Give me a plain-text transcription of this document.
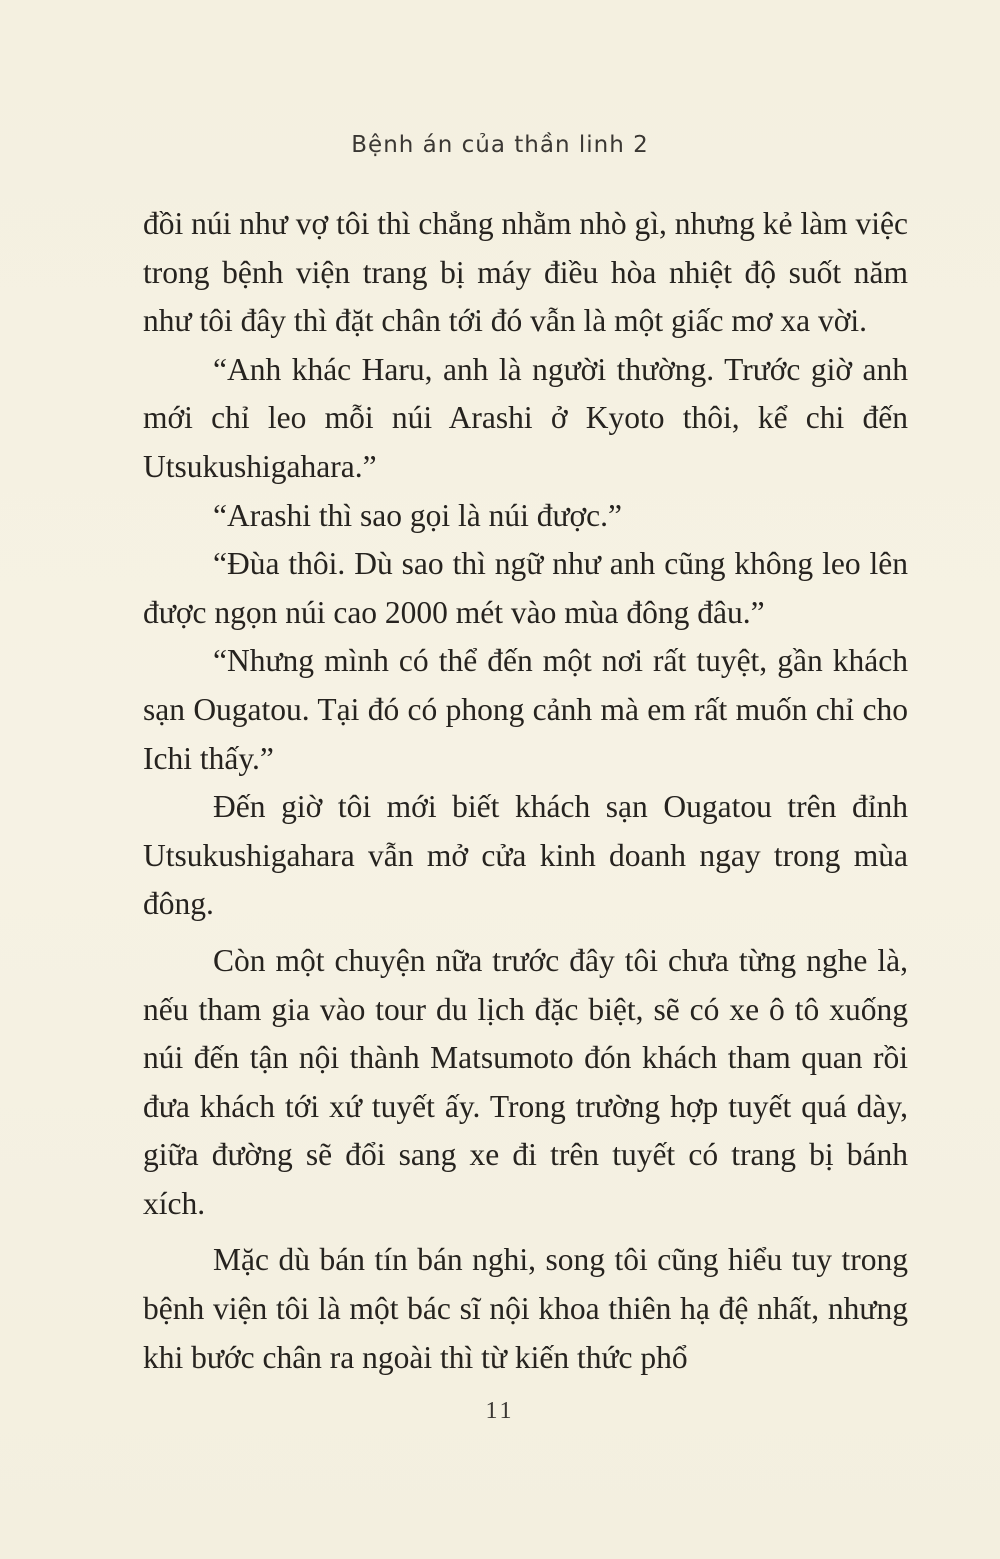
Bệnh án của thần linh 2

đồi núi như vợ tôi thì chẳng nhằm nhò gì, nhưng kẻ làm việc trong bệnh viện trang bị máy điều hòa nhiệt độ suốt năm như tôi đây thì đặt chân tới đó vẫn là một giấc mơ xa vời.

“Anh khác Haru, anh là người thường. Trước giờ anh mới chỉ leo mỗi núi Arashi ở Kyoto thôi, kể chi đến Utsukushigahara.”

“Arashi thì sao gọi là núi được.”

“Đùa thôi. Dù sao thì ngữ như anh cũng không leo lên được ngọn núi cao 2000 mét vào mùa đông đâu.”

“Nhưng mình có thể đến một nơi rất tuyệt, gần khách sạn Ougatou. Tại đó có phong cảnh mà em rất muốn chỉ cho Ichi thấy.”

Đến giờ tôi mới biết khách sạn Ougatou trên đỉnh Utsukushigahara vẫn mở cửa kinh doanh ngay trong mùa đông.

Còn một chuyện nữa trước đây tôi chưa từng nghe là, nếu tham gia vào tour du lịch đặc biệt, sẽ có xe ô tô xuống núi đến tận nội thành Matsumoto đón khách tham quan rồi đưa khách tới xứ tuyết ấy. Trong trường hợp tuyết quá dày, giữa đường sẽ đổi sang xe đi trên tuyết có trang bị bánh xích.

Mặc dù bán tín bán nghi, song tôi cũng hiểu tuy trong bệnh viện tôi là một bác sĩ nội khoa thiên hạ đệ nhất, nhưng khi bước chân ra ngoài thì từ kiến thức phổ

11
